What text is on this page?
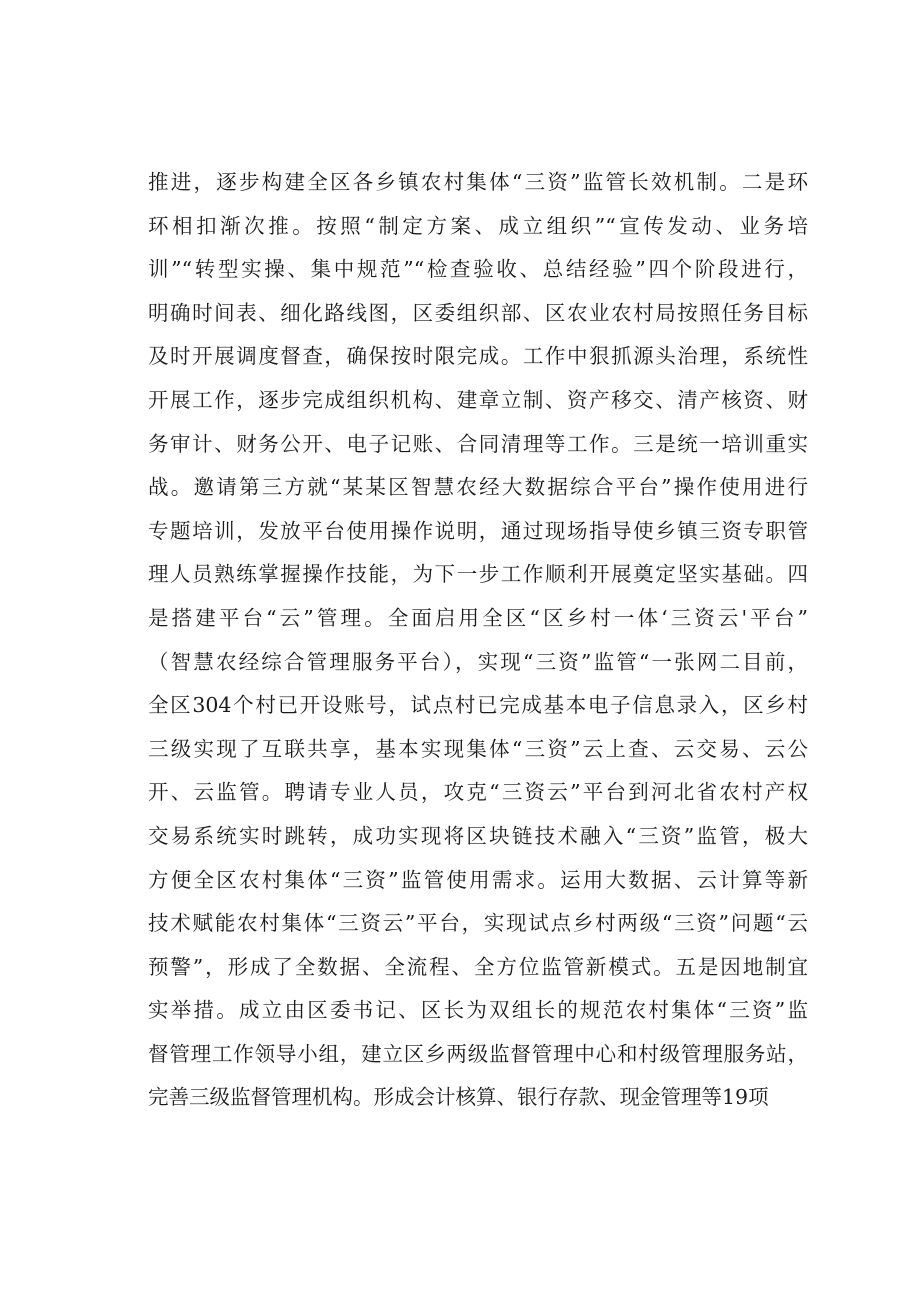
推进，逐步构建全区各乡镇农村集体“三资”监管长效机制。二是环
环相扣渐次推。按照“制定方案、成立组织”“宣传发动、业务培
训”“转型实操、集中规范”“检查验收、总结经验”四个阶段进行，
明确时间表、细化路线图，区委组织部、区农业农村局按照任务目标
及时开展调度督查，确保按时限完成。工作中狠抓源头治理，系统性
开展工作，逐步完成组织机构、建章立制、资产移交、清产核资、财
务审计、财务公开、电子记账、合同清理等工作。三是统一培训重实
战。邀请第三方就“某某区智慧农经大数据综合平台”操作使用进行
专题培训，发放平台使用操作说明，通过现场指导使乡镇三资专职管
理人员熟练掌握操作技能，为下一步工作顺利开展奠定坚实基础。四
是搭建平台“云”管理。全面启用全区“区乡村一体‘三资云'平台”
（智慧农经综合管理服务平台），实现“三资”监管“一张网二目前，
全区304个村已开设账号，试点村已完成基本电子信息录入，区乡村
三级实现了互联共享，基本实现集体“三资”云上查、云交易、云公
开、云监管。聘请专业人员，攻克“三资云”平台到河北省农村产权
交易系统实时跳转，成功实现将区块链技术融入“三资”监管，极大
方便全区农村集体“三资”监管使用需求。运用大数据、云计算等新
技术赋能农村集体“三资云”平台，实现试点乡村两级“三资”问题“云
预警”，形成了全数据、全流程、全方位监管新模式。五是因地制宜
实举措。成立由区委书记、区长为双组长的规范农村集体“三资”监
督管理工作领导小组，建立区乡两级监督管理中心和村级管理服务站，
完善三级监督管理机构。形成会计核算、银行存款、现金管理等19项
